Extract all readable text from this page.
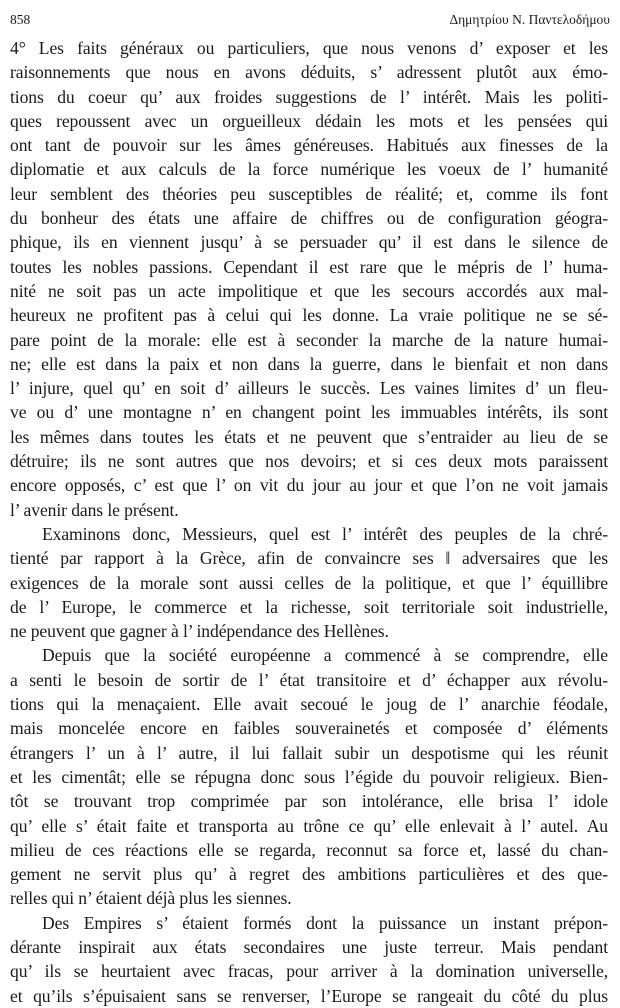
858	Δημητρίου Ν. Παντελοδήμου
4° Les faits généraux ou particuliers, que nous venons d’ exposer et les
raisonnements que nous en avons déduits, s’ adressent plutôt aux émo-
tions du coeur qu’ aux froides suggestions de l’ intérêt. Mais les politi-
ques repoussent avec un orgueilleux dédain les mots et les pensées qui
ont tant de pouvoir sur les âmes généreuses. Habitués aux finesses de la
diplomatie et aux calculs de la force numérique les voeux de l’ humanité
leur semblent des théories peu susceptibles de réalité; et, comme ils font
du bonheur des états une affaire de chiffres ou de configuration géogra-
phique, ils en viennent jusqu’ à se persuader qu’ il est dans le silence de
toutes les nobles passions. Cependant il est rare que le mépris de l’ huma-
nité ne soit pas un acte impolitique et que les secours accordés aux mal-
heureux ne profitent pas à celui qui les donne. La vraie politique ne se sé-
pare point de la morale: elle est à seconder la marche de la nature humai-
ne; elle est dans la paix et non dans la guerre, dans le bienfait et non dans
l’ injure, quel qu’ en soit d’ ailleurs le succès. Les vaines limites d’ un fleu-
ve ou d’ une montagne n’ en changent point les immuables intérêts, ils sont
les mêmes dans toutes les états et ne peuvent que s’entraider au lieu de se
détruire; ils ne sont autres que nos devoirs; et si ces deux mots paraissent
encore opposés, c’ est que l’ on vit du jour au jour et que l’on ne voit jamais
l’ avenir dans le présent.
Examinons donc, Messieurs, quel est l’ intérêt des peuples de la chré-
tienté par rapport à la Grèce, afin de convaincre ses ‖ adversaires que les
exigences de la morale sont aussi celles de la politique, et que l’ équillibre
de l’ Europe, le commerce et la richesse, soit territoriale soit industrielle,
ne peuvent que gagner à l’ indépendance des Hellènes.
Depuis que la société européenne a commencé à se comprendre, elle
a senti le besoin de sortir de l’ état transitoire et d’ échapper aux révolu-
tions qui la menaçaient. Elle avait secoué le joug de l’ anarchie féodale,
mais moncelée encore en faibles souverainetés et composée d’ éléments
étrangers l’ un à l’ autre, il lui fallait subir un despotisme qui les réunit
et les cimentât; elle se répugna donc sous l’égide du pouvoir religieux. Bien-
tôt se trouvant trop comprimée par son intolérance, elle brisa l’ idole
qu’ elle s’ était faite et transporta au trône ce qu’ elle enlevait à l’ autel. Au
milieu de ces réactions elle se regarda, reconnut sa force et, lassé du chan-
gement ne servit plus qu’ à regret des ambitions particulières et des que-
relles qui n’ étaient déjà plus les siennes.
Des Empires s’ étaient formés dont la puissance un instant prépon-
dérante inspirait aux états secondaires une juste terreur. Mais pendant
qu’ ils se heurtaient avec fracas, pour arriver à la domination universelle,
et qu’ils s’épuisaient sans se renverser, l’Europe se rangeait du côté du plus
